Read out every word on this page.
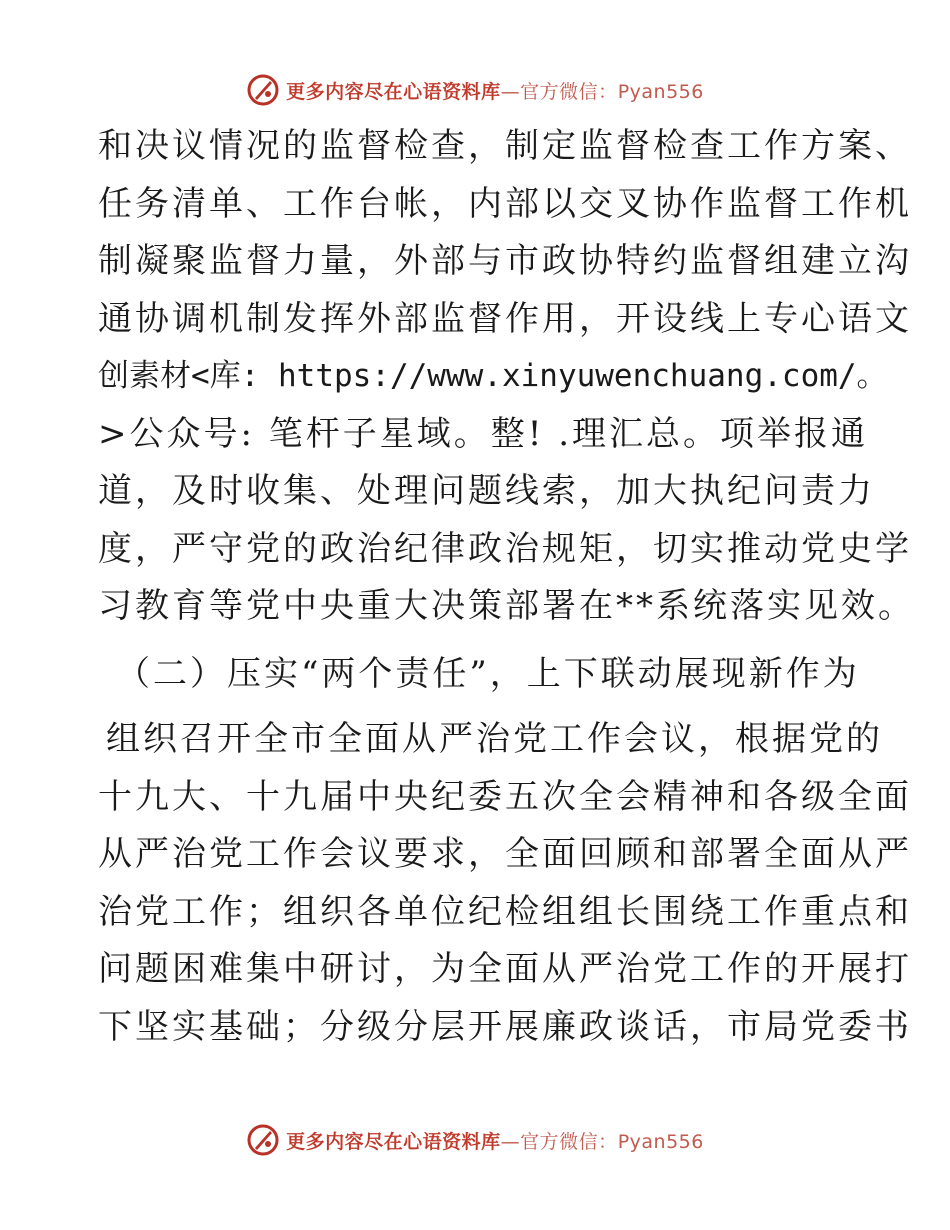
更多内容尽在心语资料库—官方微信：Pyan556
和决议情况的监督检查，制定监督检查工作方案、
任务清单、工作台帐，内部以交叉协作监督工作机
制凝聚监督力量，外部与市政协特约监督组建立沟
通协调机制发挥外部监督作用，开设线上专心语文
创素材<库: https://www.xinyuwenchuang.com/。
>公众号: 笔杆子星域。整! .理汇总。项举报通
道，及时收集、处理问题线索，加大执纪问责力
度，严守党的政治纪律政治规矩，切实推动党史学
习教育等党中央重大决策部署在**系统落实见效。
（二）压实“两个责任”，上下联动展现新作为
组织召开全市全面从严治党工作会议，根据党的
十九大、十九届中央纪委五次全会精神和各级全面
从严治党工作会议要求，全面回顾和部署全面从严
治党工作；组织各单位纪检组组长围绕工作重点和
问题困难集中研讨，为全面从严治党工作的开展打
下坚实基础；分级分层开展廉政谈话，市局党委书
更多内容尽在心语资料库—官方微信：Pyan556
